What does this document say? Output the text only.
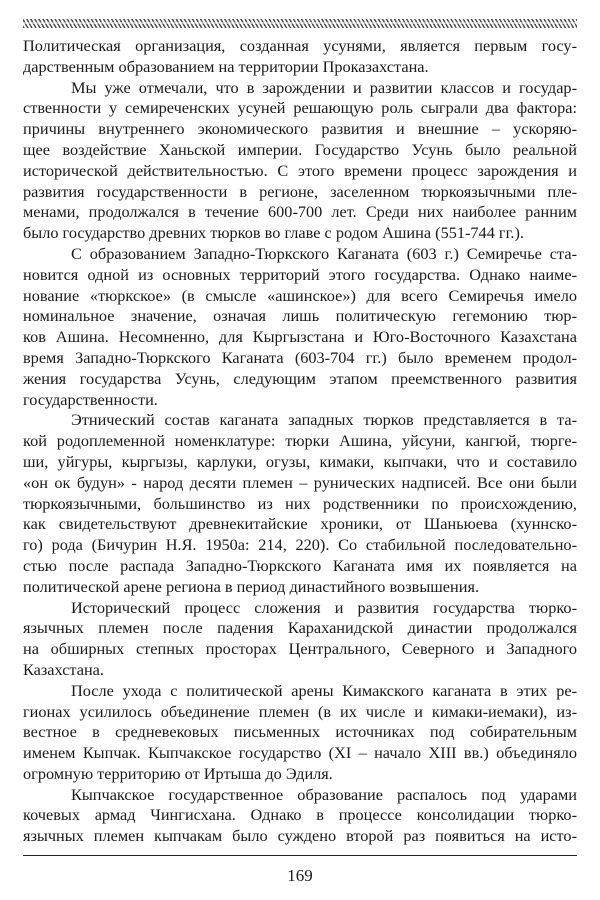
Политическая организация, созданная усунями, является первым госу-
дарственным образованием на территории Проказахстана.
Мы уже отмечали, что в зарождении и развитии классов и государ-
ственности у семиреченских усуней решающую роль сыграли два фактора:
причины внутреннего экономического развития и внешние – ускоряю-
щее воздействие Ханьской империи. Государство Усунь было реальной
исторической действительностью. С этого времени процесс зарождения и
развития государственности в регионе, заселенном тюркоязычными пле-
менами, продолжался в течение 600-700 лет. Среди них наиболее ранним
было государство древних тюрков во главе с родом Ашина (551-744 гг.).
С образованием Западно-Тюркского Каганата (603 г.) Семиречье ста-
новится одной из основных территорий этого государства. Однако наиме-
нование «тюркское» (в смысле «ашинское») для всего Семиречья имело
номинальное значение, означая лишь политическую гегемонию тюр-
ков Ашина. Несомненно, для Кыргызстана и Юго-Восточного Казахстана
время Западно-Тюркского Каганата (603-704 гг.) было временем продол-
жения государства Усунь, следующим этапом преемственного развития
государственности.
Этнический состав каганата западных тюрков представляется в та-
кой родоплеменной номенклатуре: тюрки Ашина, уйсуни, кангюй, тюрге-
ши, уйгуры, кыргызы, карлуки, огузы, кимаки, кыпчаки, что и составило
«он ок будун» - народ десяти племен – рунических надписей. Все они были
тюркоязычными, большинство из них родственники по происхождению,
как свидетельствуют древнекитайские хроники, от Шаньюева (хуннско-
го) рода (Бичурин Н.Я. 1950а: 214, 220). Со стабильной последовательно-
стью после распада Западно-Тюркского Каганата имя их появляется на
политической арене региона в период династийного возвышения.
Исторический процесс сложения и развития государства тюрко-
язычных племен после падения Караханидской династии продолжался
на обширных степных просторах Центрального, Северного и Западного
Казахстана.
После ухода с политической арены Кимакского каганата в этих ре-
гионах усилилось объединение племен (в их числе и кимаки-иемаки), из-
вестное в средневековых письменных источниках под собирательным
именем Кыпчак. Кыпчакское государство (XI – начало XIII вв.) объединяло
огромную территорию от Иртыша до Эдиля.
Кыпчакское государственное образование распалось под ударами
кочевых армад Чингисхана. Однако в процессе консолидации тюрко-
язычных племен кыпчакам было суждено второй раз появиться на исто-
169
